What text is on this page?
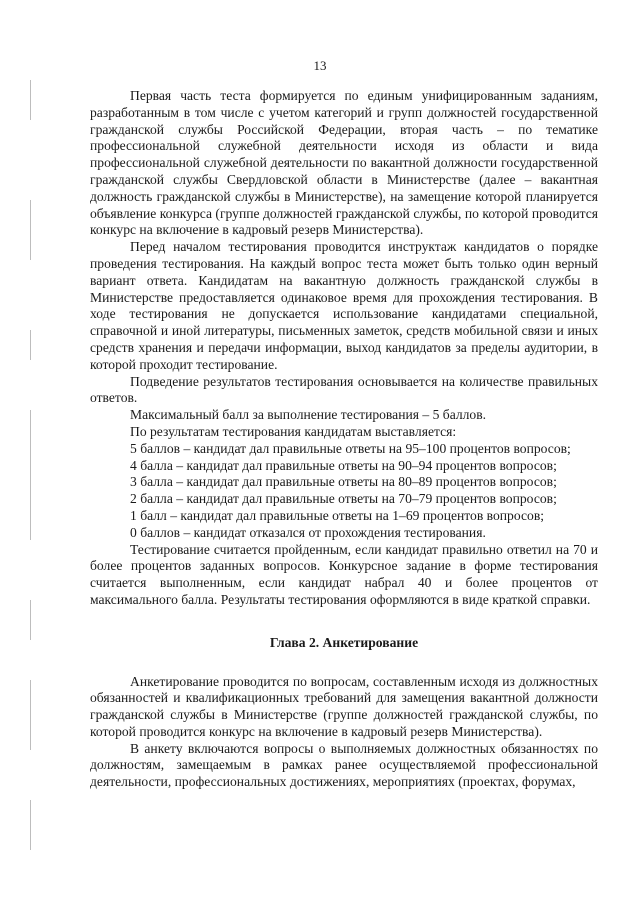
13

Первая часть теста формируется по единым унифицированным заданиям, разработанным в том числе с учетом категорий и групп должностей государственной гражданской службы Российской Федерации, вторая часть – по тематике профессиональной служебной деятельности исходя из области и вида профессиональной служебной деятельности по вакантной должности государственной гражданской службы Свердловской области в Министерстве (далее – вакантная должность гражданской службы в Министерстве), на замещение которой планируется объявление конкурса (группе должностей гражданской службы, по которой проводится конкурс на включение в кадровый резерв Министерства).

Перед началом тестирования проводится инструктаж кандидатов о порядке проведения тестирования. На каждый вопрос теста может быть только один верный вариант ответа. Кандидатам на вакантную должность гражданской службы в Министерстве предоставляется одинаковое время для прохождения тестирования. В ходе тестирования не допускается использование кандидатами специальной, справочной и иной литературы, письменных заметок, средств мобильной связи и иных средств хранения и передачи информации, выход кандидатов за пределы аудитории, в которой проходит тестирование.

Подведение результатов тестирования основывается на количестве правильных ответов.

Максимальный балл за выполнение тестирования – 5 баллов.

По результатам тестирования кандидатам выставляется:

5 баллов – кандидат дал правильные ответы на 95–100 процентов вопросов;

4 балла – кандидат дал правильные ответы на 90–94 процентов вопросов;

3 балла – кандидат дал правильные ответы на 80–89 процентов вопросов;

2 балла – кандидат дал правильные ответы на 70–79 процентов вопросов;

1 балл – кандидат дал правильные ответы на 1–69 процентов вопросов;

0 баллов – кандидат отказался от прохождения тестирования.

Тестирование считается пройденным, если кандидат правильно ответил на 70 и более процентов заданных вопросов. Конкурсное задание в форме тестирования считается выполненным, если кандидат набрал 40 и более процентов от максимального балла. Результаты тестирования оформляются в виде краткой справки.

Глава 2. Анкетирование

Анкетирование проводится по вопросам, составленным исходя из должностных обязанностей и квалификационных требований для замещения вакантной должности гражданской службы в Министерстве (группе должностей гражданской службы, по которой проводится конкурс на включение в кадровый резерв Министерства).

В анкету включаются вопросы о выполняемых должностных обязанностях по должностям, замещаемым в рамках ранее осуществляемой профессиональной деятельности, профессиональных достижениях, мероприятиях (проектах, форумах,
